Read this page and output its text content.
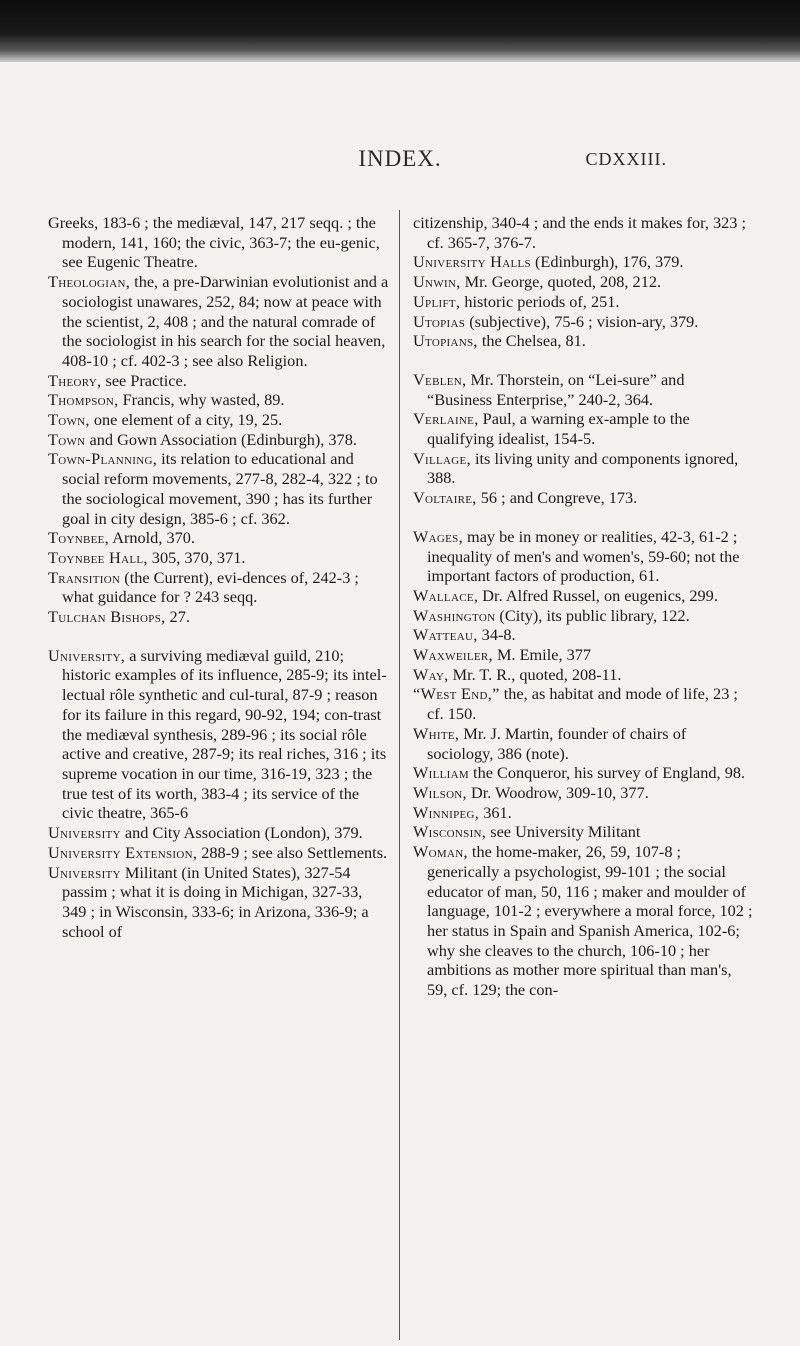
INDEX.	CDXXIII.

Greeks, 183-6 ; the mediæval, 147, 217 seqq. ; the modern, 141, 160; the civic, 363-7; the eu-genic, see Eugenic Theatre.

Theologian, the, a pre-Darwinian evolutionist and a sociologist unawares, 252, 84; now at peace with the scientist, 2, 408 ; and the natural comrade of the sociologist in his search for the social heaven, 408-10 ; cf. 402-3 ; see also Religion.

Theory, see Practice.

Thompson, Francis, why wasted, 89.

Town, one element of a city, 19, 25.

Town and Gown Association (Edinburgh), 378.

Town-Planning, its relation to educational and social reform movements, 277-8, 282-4, 322 ; to the sociological movement, 390 ; has its further goal in city design, 385-6 ; cf. 362.

Toynbee, Arnold, 370.

Toynbee Hall, 305, 370, 371.

Transition (the Current), evi-dences of, 242-3 ; what guidance for ? 243 seqq.

Tulchan Bishops, 27.

University, a surviving mediæval guild, 210; historic examples of its influence, 285-9; its intel-lectual rôle synthetic and cul-tural, 87-9 ; reason for its failure in this regard, 90-92, 194; con-trast the mediæval synthesis, 289-96 ; its social rôle active and creative, 287-9; its real riches, 316 ; its supreme vocation in our time, 316-19, 323 ; the true test of its worth, 383-4 ; its service of the civic theatre, 365-6

University and City Association (London), 379.

University Extension, 288-9 ; see also Settlements.

University Militant (in United States), 327-54 passim ; what it is doing in Michigan, 327-33, 349 ; in Wisconsin, 333-6; in Arizona, 336-9; a school of

citizenship, 340-4 ; and the ends it makes for, 323 ; cf. 365-7, 376-7.

University Halls (Edinburgh), 176, 379.

Unwin, Mr. George, quoted, 208, 212.

Uplift, historic periods of, 251.

Utopias (subjective), 75-6 ; vision-ary, 379.

Utopians, the Chelsea, 81.

Veblen, Mr. Thorstein, on “Lei-sure” and “Business Enterprise,” 240-2, 364.

Verlaine, Paul, a warning ex-ample to the qualifying idealist, 154-5.

Village, its living unity and components ignored, 388.

Voltaire, 56 ; and Congreve, 173.

Wages, may be in money or realities, 42-3, 61-2 ; inequality of men's and women's, 59-60; not the important factors of production, 61.

Wallace, Dr. Alfred Russel, on eugenics, 299.

Washington (City), its public library, 122.

Watteau, 34-8.

Waxweiler, M. Emile, 377

Way, Mr. T. R., quoted, 208-11.

“West End,” the, as habitat and mode of life, 23 ; cf. 150.

White, Mr. J. Martin, founder of chairs of sociology, 386 (note).

William the Conqueror, his survey of England, 98.

Wilson, Dr. Woodrow, 309-10, 377.

Winnipeg, 361.

Wisconsin, see University Militant

Woman, the home-maker, 26, 59, 107-8 ; generically a psychologist, 99-101 ; the social educator of man, 50, 116 ; maker and moulder of language, 101-2 ; everywhere a moral force, 102 ; her status in Spain and Spanish America, 102-6; why she cleaves to the church, 106-10 ; her ambitions as mother more spiritual than man's, 59, cf. 129; the con-
